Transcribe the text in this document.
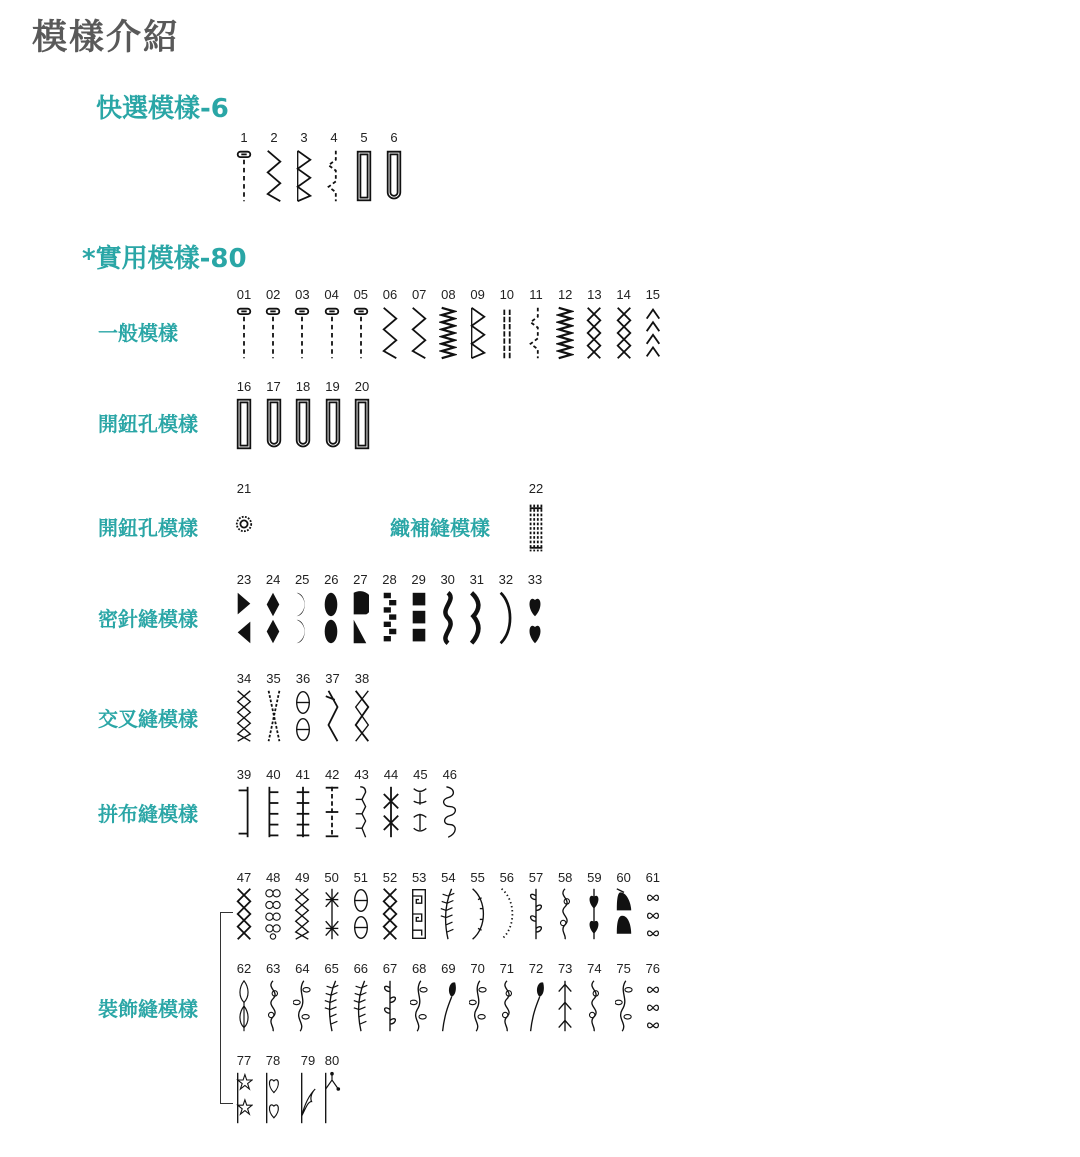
模樣介紹
快選模樣-6
*實用模樣-80
一般模樣
開鈕孔模樣
開鈕孔模樣	織補縫模樣
密針縫模樣
交叉縫模樣
拼布縫模樣
裝飾縫模樣
1	2	3	4	5	6
01	02	03	04	05	06	07	08	09	10	11	12	13	14	15
16	17	18	19	20
21	22
23	24	25	26	27	28	29	30	31	32	33
34	35	36	37	38
39	40	41	42	43	44	45	46
47	48	49	50	51	52	53	54	55	56	57	58	59	60	61
62	63	64	65	66	67	68	69	70	71	72	73	74	75	76
77	78	79 80
